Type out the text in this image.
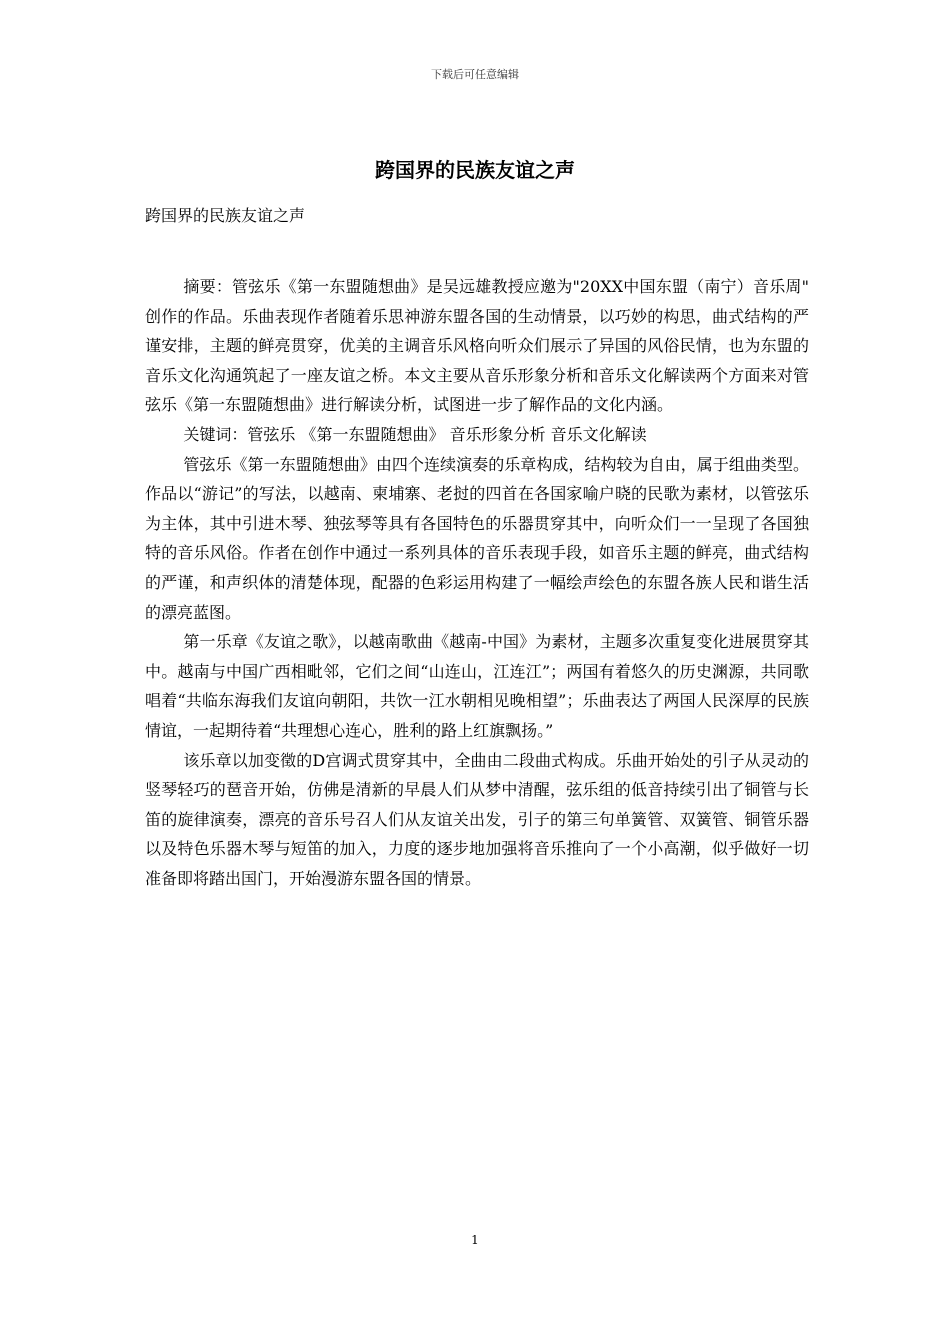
下载后可任意编辑
跨国界的民族友谊之声
跨国界的民族友谊之声

摘要：管弦乐《第一东盟随想曲》是吴远雄教授应邀为"20XX中国东盟（南宁）音乐周"创作的作品。乐曲表现作者随着乐思神游东盟各国的生动情景，以巧妙的构思，曲式结构的严谨安排，主题的鲜亮贯穿，优美的主调音乐风格向听众们展示了异国的风俗民情，也为东盟的音乐文化沟通筑起了一座友谊之桥。本文主要从音乐形象分析和音乐文化解读两个方面来对管弦乐《第一东盟随想曲》进行解读分析，试图进一步了解作品的文化内涵。

关键词：管弦乐 《第一东盟随想曲》 音乐形象分析 音乐文化解读

管弦乐《第一东盟随想曲》由四个连续演奏的乐章构成，结构较为自由，属于组曲类型。作品以“游记”的写法，以越南、柬埔寨、老挝的四首在各国家喻户晓的民歌为素材，以管弦乐为主体，其中引进木琴、独弦琴等具有各国特色的乐器贯穿其中，向听众们一一呈现了各国独特的音乐风俗。作者在创作中通过一系列具体的音乐表现手段，如音乐主题的鲜亮，曲式结构的严谨，和声织体的清楚体现，配器的色彩运用构建了一幅绘声绘色的东盟各族人民和谐生活的漂亮蓝图。

第一乐章《友谊之歌》，以越南歌曲《越南-中国》为素材，主题多次重复变化进展贯穿其中。越南与中国广西相毗邻，它们之间“山连山，江连江”；两国有着悠久的历史渊源，共同歌唱着“共临东海我们友谊向朝阳，共饮一江水朝相见晚相望”；乐曲表达了两国人民深厚的民族情谊，一起期待着“共理想心连心，胜利的路上红旗飘扬。”

该乐章以加变徵的D宫调式贯穿其中，全曲由二段曲式构成。乐曲开始处的引子从灵动的竖琴轻巧的琶音开始，仿佛是清新的早晨人们从梦中清醒，弦乐组的低音持续引出了铜管与长笛的旋律演奏，漂亮的音乐号召人们从友谊关出发，引子的第三句单簧管、双簧管、铜管乐器以及特色乐器木琴与短笛的加入，力度的逐步地加强将音乐推向了一个小高潮，似乎做好一切准备即将踏出国门，开始漫游东盟各国的情景。

1
